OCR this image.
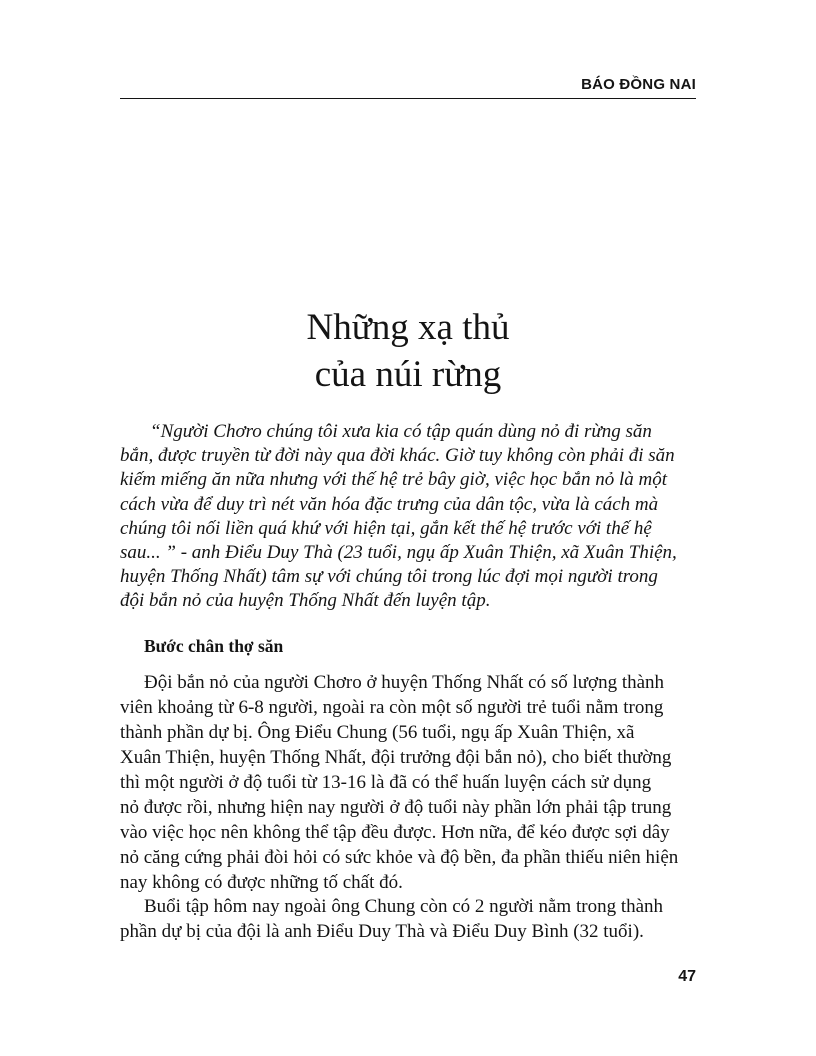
BÁO ĐỒNG NAI
Những xạ thủ
của núi rừng
“Người Chơro chúng tôi xưa kia có tập quán dùng nỏ đi rừng săn
bắn, được truyền từ đời này qua đời khác. Giờ tuy không còn phải đi săn
kiếm miếng ăn nữa nhưng với thế hệ trẻ bây giờ, việc học bắn nỏ là một
cách vừa để duy trì nét văn hóa đặc trưng của dân tộc, vừa là cách mà
chúng tôi nối liền quá khứ với hiện tại, gắn kết thế hệ trước với thế hệ
sau... ” - anh Điểu Duy Thà (23 tuổi, ngụ ấp Xuân Thiện, xã Xuân Thiện,
huyện Thống Nhất) tâm sự với chúng tôi trong lúc đợi mọi người trong
đội bắn nỏ của huyện Thống Nhất đến luyện tập.
Bước chân thợ săn
Đội bắn nỏ của người Chơro ở huyện Thống Nhất có số lượng thành
viên khoảng từ 6-8 người, ngoài ra còn một số người trẻ tuổi nằm trong
thành phần dự bị. Ông Điểu Chung (56 tuổi, ngụ ấp Xuân Thiện, xã
Xuân Thiện, huyện Thống Nhất, đội trưởng đội bắn nỏ), cho biết thường
thì một người ở độ tuổi từ 13-16 là đã có thể huấn luyện cách sử dụng
nỏ được rồi, nhưng hiện nay người ở độ tuổi này phần lớn phải tập trung
vào việc học nên không thể tập đều được. Hơn nữa, để kéo được sợi dây
nỏ căng cứng phải đòi hỏi có sức khỏe và độ bền, đa phần thiếu niên hiện
nay không có được những tố chất đó.
Buổi tập hôm nay ngoài ông Chung còn có 2 người nằm trong thành
phần dự bị của đội là anh Điểu Duy Thà và Điểu Duy Bình (32 tuổi).
47
